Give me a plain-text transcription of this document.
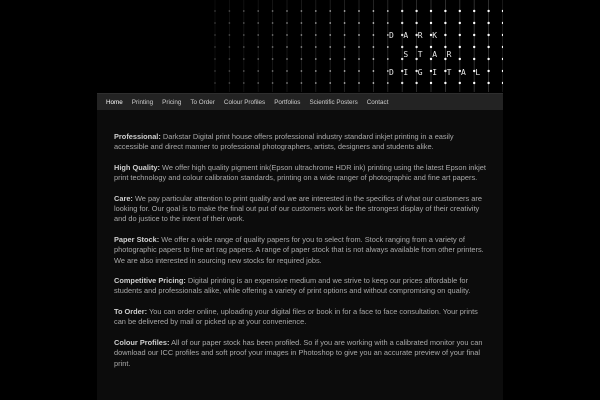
D A R K
S T A R
D I G I T A L
Home Printing Pricing To Order Colour Profiles Portfolios Scientific Posters Contact

Professional: Darkstar Digital print house offers professional industry standard inkjet printing in a easily accessible and direct manner to professional photographers, artists, designers and students alike.

High Quality: We offer high quality pigment ink(Epson ultrachrome HDR ink) printing using the latest Epson inkjet print technology and colour calibration standards, printing on a wide ranger of photographic and fine art papers.

Care: We pay particular attention to print quality and we are interested in the specifics of what our customers are looking for. Our goal is to make the final out put of our customers work be the strongest display of their creativity and do justice to the intent of their work.

Paper Stock: We offer a wide range of quality papers for you to select from. Stock ranging from a variety of photographic papers to fine art rag papers. A range of paper stock that is not always available from other printers. We are also interested in sourcing new stocks for required jobs.

Competitive Pricing: Digital printing is an expensive medium and we strive to keep our prices affordable for students and professionals alike, while offering a variety of print options and without compromising on quality.

To Order: You can order online, uploading your digital files or book in for a face to face consultation. Your prints can be delivered by mail or picked up at your convenience.

Colour Profiles: All of our paper stock has been profiled. So if you are working with a calibrated monitor you can download our ICC profiles and soft proof your images in Photoshop to give you an accurate preview of your final print.
